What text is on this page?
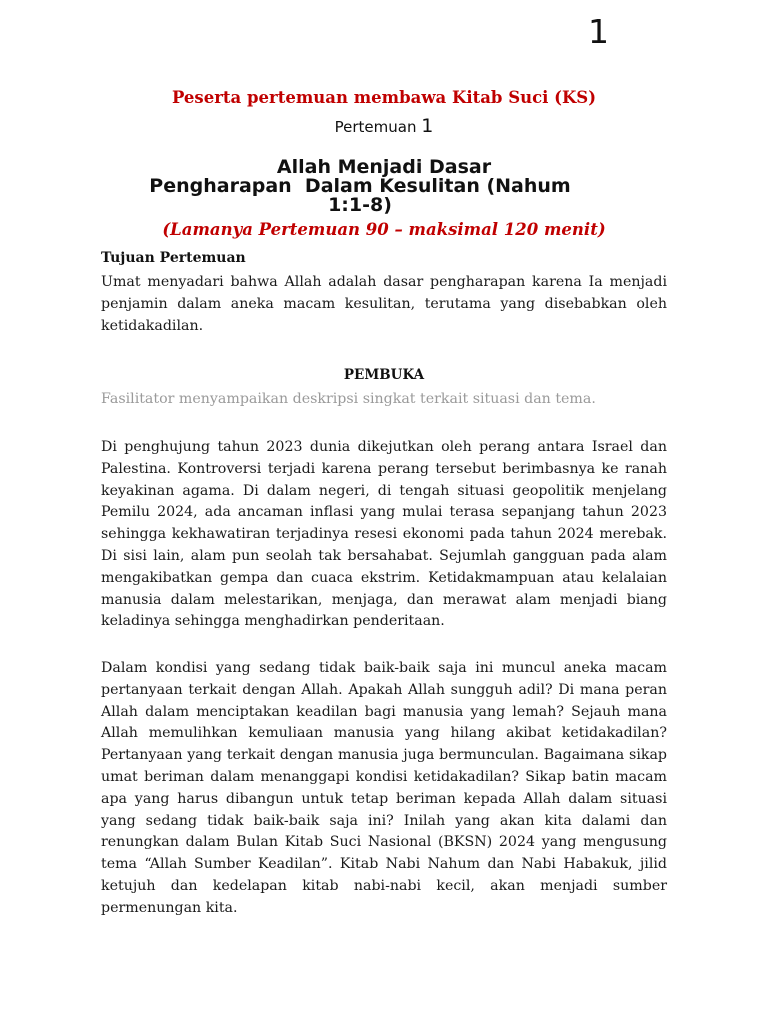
1
Peserta pertemuan membawa Kitab Suci (KS)
Pertemuan 1
Allah Menjadi Dasar
Pengharapan  Dalam Kesulitan (Nahum
1:1-8)
(Lamanya Pertemuan 90 – maksimal 120 menit)
Tujuan Pertemuan

Umat menyadari bahwa Allah adalah dasar pengharapan karena Ia menjadi penjamin dalam aneka macam kesulitan, terutama yang disebabkan oleh ketidakadilan.

PEMBUKA
Fasilitator menyampaikan deskripsi singkat terkait situasi dan tema.

Di penghujung tahun 2023 dunia dikejutkan oleh perang antara Israel dan Palestina. Kontroversi terjadi karena perang tersebut berimbasnya ke ranah keyakinan agama. Di dalam negeri, di tengah situasi geopolitik menjelang Pemilu 2024, ada ancaman inflasi yang mulai terasa sepanjang tahun 2023 sehingga kekhawatiran terjadinya resesi ekonomi pada tahun 2024 merebak. Di sisi lain, alam pun seolah tak bersahabat. Sejumlah gangguan pada alam mengakibatkan gempa dan cuaca ekstrim. Ketidakmampuan atau kelalaian manusia dalam melestarikan, menjaga, dan merawat alam menjadi biang keladinya sehingga menghadirkan penderitaan.

Dalam kondisi yang sedang tidak baik-baik saja ini muncul aneka macam pertanyaan terkait dengan Allah. Apakah Allah sungguh adil? Di mana peran Allah dalam menciptakan keadilan bagi manusia yang lemah? Sejauh mana Allah memulihkan kemuliaan manusia yang hilang akibat ketidakadilan? Pertanyaan yang terkait dengan manusia juga bermunculan. Bagaimana sikap umat beriman dalam menanggapi kondisi ketidakadilan? Sikap batin macam apa yang harus dibangun untuk tetap beriman kepada Allah dalam situasi yang sedang tidak baik-baik saja ini? Inilah yang akan kita dalami dan renungkan dalam Bulan Kitab Suci Nasional (BKSN) 2024 yang mengusung tema “Allah Sumber Keadilan”. Kitab Nabi Nahum dan Nabi Habakuk, jilid ketujuh dan kedelapan kitab nabi-nabi kecil, akan menjadi sumber permenungan kita.
